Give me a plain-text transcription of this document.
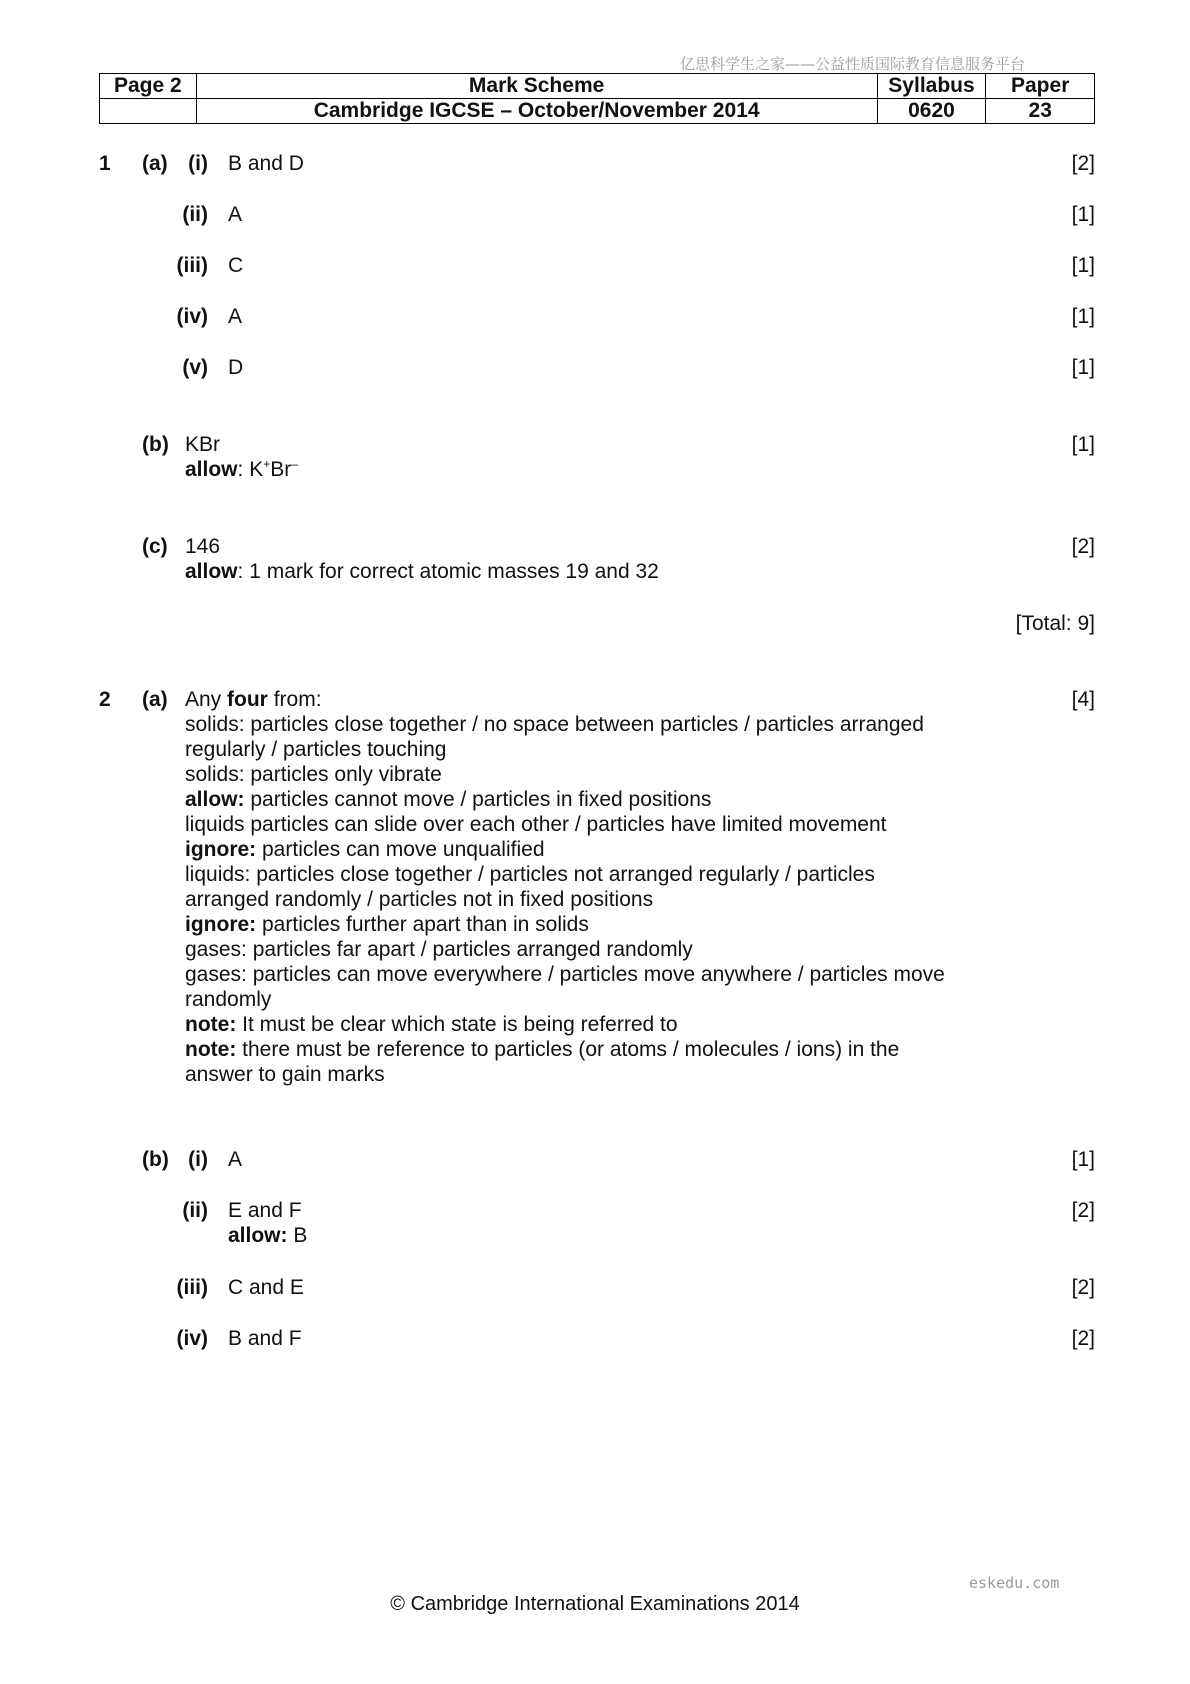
亿思科学生之家——公益性质国际教育信息服务平台
Page 2	Mark Scheme	Syllabus	Paper
	Cambridge IGCSE – October/November 2014	0620	23
1 (a) (i) B and D	[2]
(ii) A	[1]
(iii) C	[1]
(iv) A	[1]
(v) D	[1]
(b) KBr	[1]
allow: K+Br–
(c) 146	[2]
allow: 1 mark for correct atomic masses 19 and 32
[Total: 9]
2 (a)	[4]
Any four from:
solids: particles close together / no space between particles / particles arranged
regularly / particles touching
solids: particles only vibrate
allow: particles cannot move / particles in fixed positions
liquids particles can slide over each other / particles have limited movement
ignore: particles can move unqualified
liquids: particles close together / particles not arranged regularly / particles
arranged randomly / particles not in fixed positions
ignore: particles further apart than in solids
gases: particles far apart / particles arranged randomly
gases: particles can move everywhere / particles move anywhere / particles move
randomly
note: It must be clear which state is being referred to
note: there must be reference to particles (or atoms / molecules / ions) in the
answer to gain marks
(b) (i) A	[1]
(ii) E and F	[2]
allow: B
(iii) C and E	[2]
(iv) B and F	[2]
eskedu.com
© Cambridge International Examinations 2014
